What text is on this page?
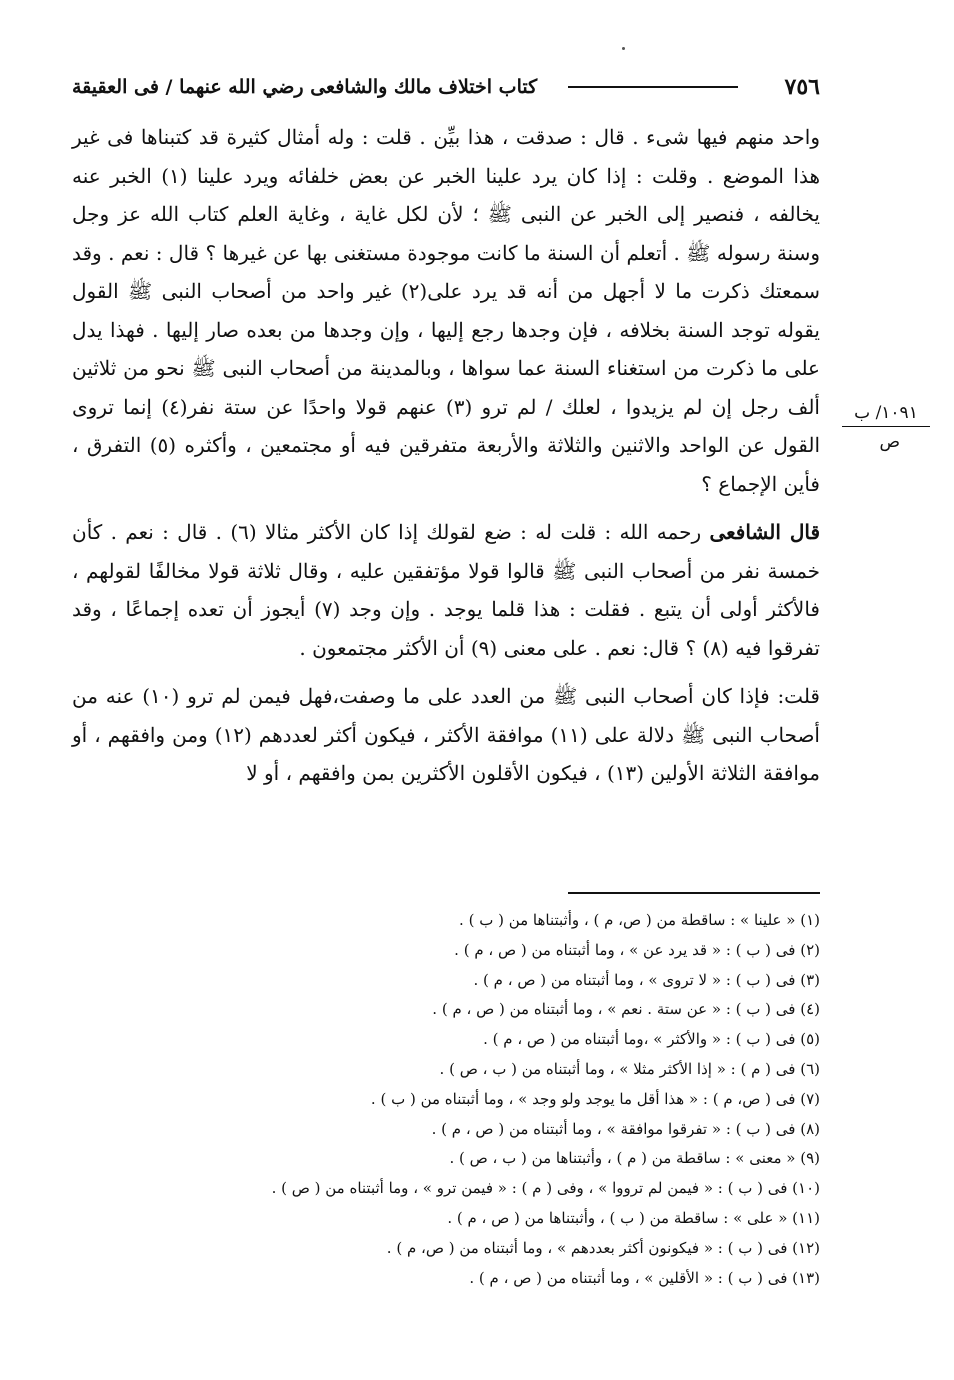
٧٥٦
كتاب اختلاف مالك والشافعى رضي الله عنهما / فى العقيقة
١٠٩١/ ب
ص

واحد منهم فيها شىء . قال : صدقت ، هذا بيِّن . قلت : وله أمثال كثيرة قد كتبناها فى غير هذا الموضع . وقلت : إذا كان يرد علينا الخبر عن بعض خلفائه ويرد علينا (١) الخبر عنه يخالفه ، فنصير إلى الخبر عن النبى ﷺ ؛ لأن لكل غاية ، وغاية العلم كتاب الله عز وجل وسنة رسوله ﷺ . أتعلم أن السنة ما كانت موجودة مستغنى بها عن غيرها ؟ قال : نعم . وقد سمعتك ذكرت ما لا أجهل من أنه قد يرد على(٢) غير واحد من أصحاب النبى ﷺ القول يقوله توجد السنة بخلافه ، فإن وجدها رجع إليها ، وإن وجدها من بعده صار إليها . فهذا يدل على ما ذكرت من استغناء السنة عما سواها ، وبالمدينة من أصحاب النبى ﷺ نحو من ثلاثين ألف رجل إن لم يزيدوا ، لعلك / لم ترو (٣) عنهم قولا واحدًا عن ستة نفر(٤) إنما تروى القول عن الواحد والاثنين والثلاثة والأربعة متفرقين فيه أو مجتمعين ، وأكثره (٥) التفرق ، فأين الإجماع ؟

قال الشافعى رحمه الله : قلت له : ضع لقولك إذا كان الأكثر مثالا (٦) . قال : نعم . كأن خمسة نفر من أصحاب النبى ﷺ قالوا قولا مؤتفقين عليه ، وقال ثلاثة قولا مخالفًا لقولهم ، فالأكثر أولى أن يتبع . فقلت : هذا قلما يوجد . وإن وجد (٧) أيجوز أن تعده إجماعًا ، وقد تفرقوا فيه (٨) ؟ قال: نعم . على معنى (٩) أن الأكثر مجتمعون .

قلت: فإذا كان أصحاب النبى ﷺ من العدد على ما وصفت،فهل فيمن لم ترو (١٠) عنه من أصحاب النبى ﷺ دلالة على (١١) موافقة الأكثر ، فيكون أكثر لعددهم (١٢) ومن وافقهم ، أو موافقة الثلاثة الأولين (١٣) ، فيكون الأقلون الأكثرين بمن وافقهم ، أو لا

(١) « علينا » : ساقطة من ( ص، م ) ، وأثبتناها من ( ب ) .
(٢) فى ( ب ) : « قد يرد عن » ، وما أثبتناه من ( ص ، م ) .
(٣) فى ( ب ) : « لا تروى » ، وما أثبتناه من ( ص ، م ) .
(٤) فى ( ب ) : « عن ستة . نعم » ، وما أثبتناه من ( ص ، م ) .
(٥) فى ( ب ) : « والأكثر » ،وما أثبتناه من ( ص ، م ) .
(٦) فى ( م ) : « إذا الأكثر مثلا » ، وما أثبتناه من ( ب ، ص ) .
(٧) فى ( ص، م ) : « هذا أقل ما يوجد ولو وجد » ، وما أثبتناه من ( ب ) .
(٨) فى ( ب ) : « تفرقوا موافقة » ، وما أثبتناه من ( ص ، م ) .
(٩) « معنى » : ساقطة من ( م ) ، وأثبتناها من ( ب ، ص ) .
(١٠) فى ( ب ) : « فيمن لم ترووا » ، وفى ( م ) : « فيمن ترو » ، وما أثبتناه من ( ص ) .
(١١) « على » : ساقطة من ( ب ) ، وأثبتناها من ( ص ، م ) .
(١٢) فى ( ب ) : « فيكونون أكثر بعددهم » ، وما أثبتناه من ( ص، م ) .
(١٣) فى ( ب ) : « الأقلين » ، وما أثبتناه من ( ص ، م ) .
